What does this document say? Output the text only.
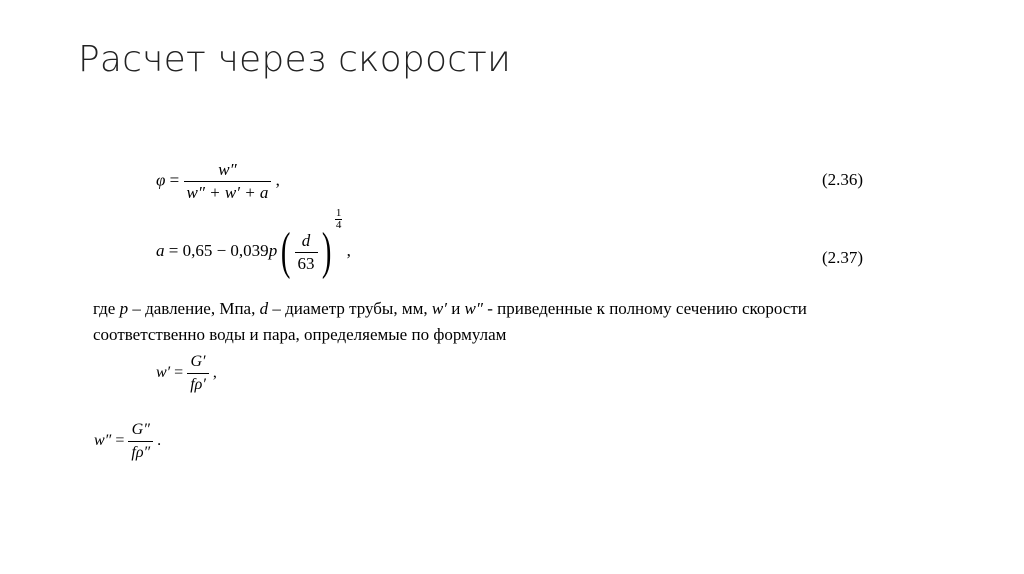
Расчет через скорости
$\varphi = \frac{w''}{w'' + w' + a}$ ,	(2.36)
$a = 0,65 - 0,039p( \frac{d}{63}$ )
$\frac{1}{4}$
,	(2.37)
где p – давление, Мпа, d – диаметр трубы, мм, w′ и w″ - приведенные к полному сечению скорости
соответственно воды и пара, определяемые по формулам
$w' = \frac{G'}{f\rho'}$ ,
$w'' = \frac{G''}{f\rho''}$ .
